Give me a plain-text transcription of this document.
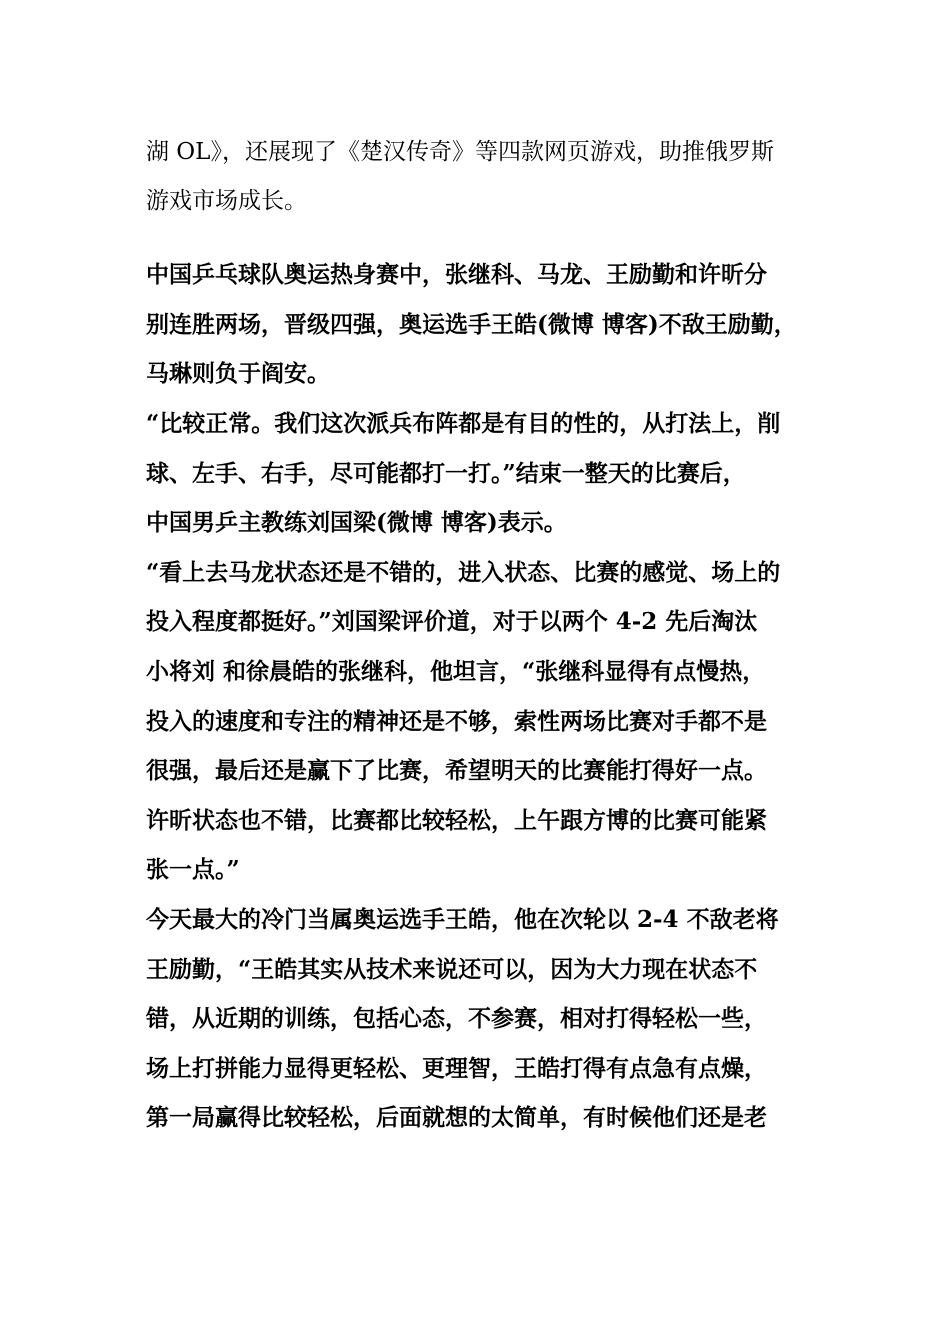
湖 OL》，还展现了《楚汉传奇》等四款网页游戏，助推俄罗斯
游戏市场成长。
中国乒乓球队奥运热身赛中，张继科、马龙、王励勤和许昕分
别连胜两场，晋级四强，奥运选手王皓(微博 博客)不敌王励勤，
马琳则负于阎安。
“比较正常。我们这次派兵布阵都是有目的性的，从打法上，削
球、左手、右手，尽可能都打一打。”结束一整天的比赛后，
中国男乒主教练刘国梁(微博 博客)表示。
“看上去马龙状态还是不错的，进入状态、比赛的感觉、场上的
投入程度都挺好。”刘国梁评价道，对于以两个 4-2 先后淘汰
小将刘 和徐晨皓的张继科，他坦言，“张继科显得有点慢热，
投入的速度和专注的精神还是不够，索性两场比赛对手都不是
很强，最后还是赢下了比赛，希望明天的比赛能打得好一点。
许昕状态也不错，比赛都比较轻松，上午跟方博的比赛可能紧
张一点。”
今天最大的冷门当属奥运选手王皓，他在次轮以 2-4 不敌老将
王励勤，“王皓其实从技术来说还可以，因为大力现在状态不
错，从近期的训练，包括心态，不参赛，相对打得轻松一些，
场上打拼能力显得更轻松、更理智，王皓打得有点急有点燥，
第一局赢得比较轻松，后面就想的太简单，有时候他们还是老
